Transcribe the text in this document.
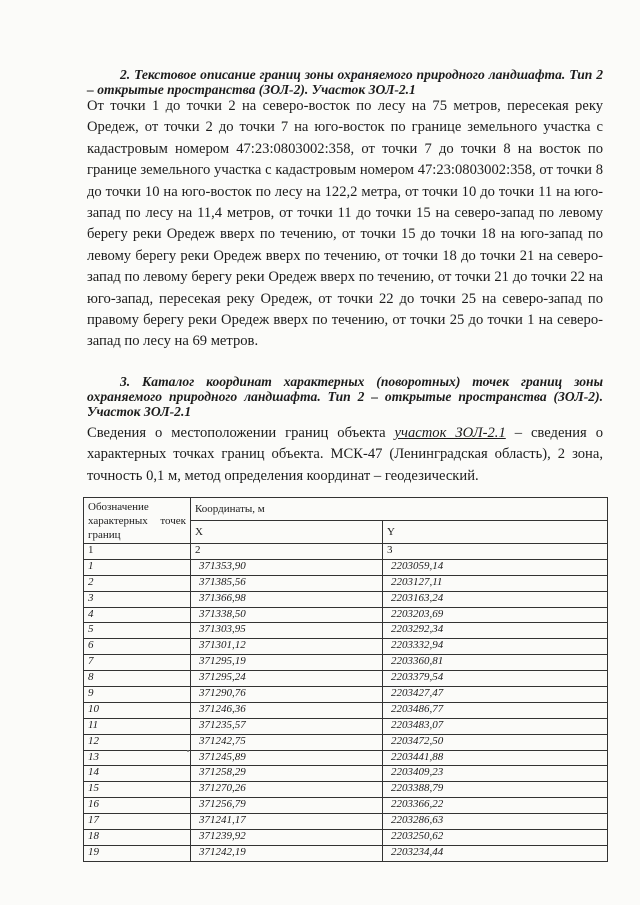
2. Текстовое описание границ зоны охраняемого природного ландшафта. Тип 2 – открытые пространства (ЗОЛ-2). Участок ЗОЛ-2.1
От точки 1 до точки 2 на северо-восток по лесу на 75 метров, пересекая реку Оредеж, от точки 2 до точки 7 на юго-восток по границе земельного участка с кадастровым номером 47:23:0803002:358, от точки 7 до точки 8 на восток по границе земельного участка с кадастровым номером 47:23:0803002:358, от точки 8 до точки 10 на юго-восток по лесу на 122,2 метра, от точки 10 до точки 11 на юго-запад по лесу на 11,4 метров, от точки 11 до точки 15 на северо-запад по левому берегу реки Оредеж вверх по течению, от точки 15 до точки 18 на юго-запад по левому берегу реки Оредеж вверх по течению, от точки 18 до точки 21 на северо-запад по левому берегу реки Оредеж вверх по течению, от точки 21 до точки 22 на юго-запад, пересекая реку Оредеж, от точки 22 до точки 25 на северо-запад по правому берегу реки Оредеж вверх по течению, от точки 25 до точки 1 на северо-запад по лесу на 69 метров.
3. Каталог координат характерных (поворотных) точек границ зоны охраняемого природного ландшафта. Тип 2 – открытые пространства (ЗОЛ-2). Участок ЗОЛ-2.1
Сведения о местоположении границ объекта участок ЗОЛ-2.1 – сведения о характерных точках границ объекта. МСК-47 (Ленинградская область), 2 зона, точность 0,1 м, метод определения координат – геодезический.
Обозначение характерных точек границ	Координаты, м	
	X	Y
1	2	3
1	371353,90	2203059,14
2	371385,56	2203127,11
3	371366,98	2203163,24
4	371338,50	2203203,69
5	371303,95	2203292,34
6	371301,12	2203332,94
7	371295,19	2203360,81
8	371295,24	2203379,54
9	371290,76	2203427,47
10	371246,36	2203486,77
11	371235,57	2203483,07
12	371242,75	2203472,50
13	371245,89	2203441,88
14	371258,29	2203409,23
15	371270,26	2203388,79
16	371256,79	2203366,22
17	371241,17	2203286,63
18	371239,92	2203250,62
19	371242,19	2203234,44
